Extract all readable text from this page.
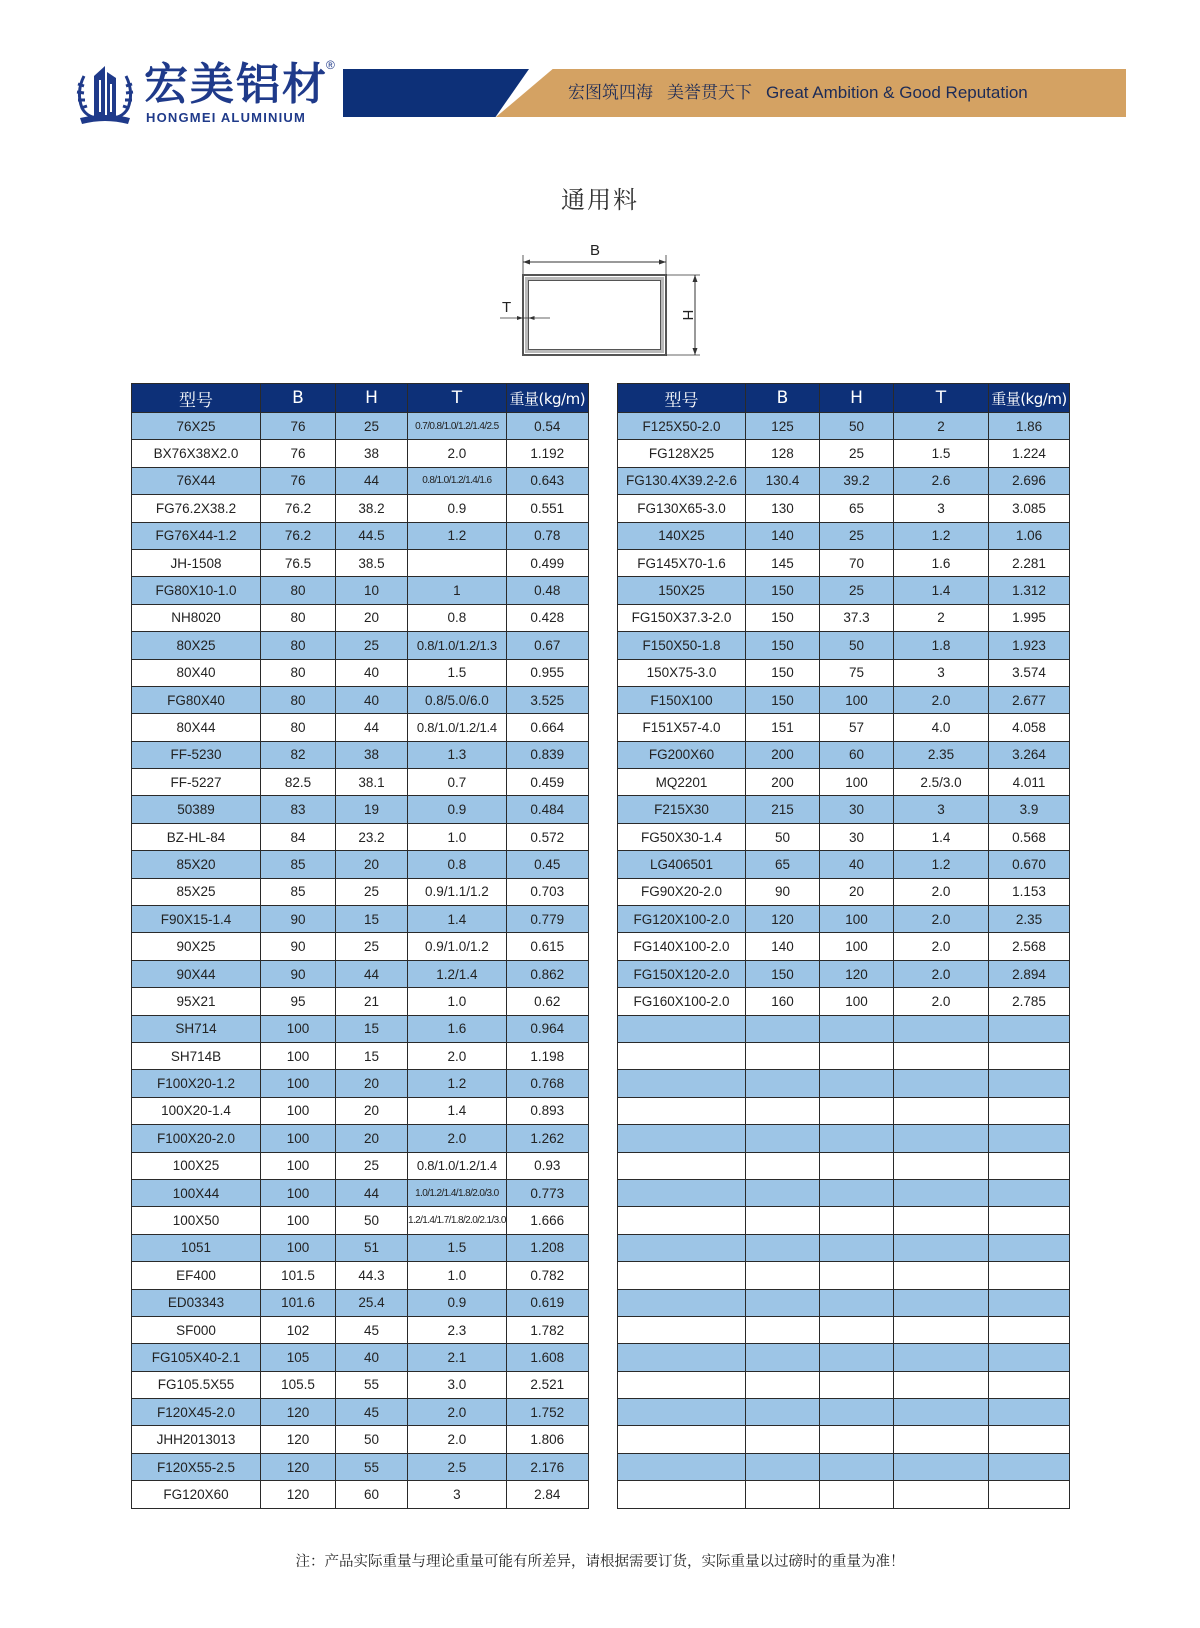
宏美铝材
®
HONGMEI ALUMINIUM
宏图筑四海 美誉贯天下 Great Ambition & Good Reputation
通用料
B
H
T
型号	B	H	T	重量(kg/m)
76X25	76	25	0.7/0.8/1.0/1.2/1.4/2.5	0.54
BX76X38X2.0	76	38	2.0	1.192
76X44	76	44	0.8/1.0/1.2/1.4/1.6	0.643
FG76.2X38.2	76.2	38.2	0.9	0.551
FG76X44-1.2	76.2	44.5	1.2	0.78
JH-1508	76.5	38.5		0.499
FG80X10-1.0	80	10	1	0.48
NH8020	80	20	0.8	0.428
80X25	80	25	0.8/1.0/1.2/1.3	0.67
80X40	80	40	1.5	0.955
FG80X40	80	40	0.8/5.0/6.0	3.525
80X44	80	44	0.8/1.0/1.2/1.4	0.664
FF-5230	82	38	1.3	0.839
FF-5227	82.5	38.1	0.7	0.459
50389	83	19	0.9	0.484
BZ-HL-84	84	23.2	1.0	0.572
85X20	85	20	0.8	0.45
85X25	85	25	0.9/1.1/1.2	0.703
F90X15-1.4	90	15	1.4	0.779
90X25	90	25	0.9/1.0/1.2	0.615
90X44	90	44	1.2/1.4	0.862
95X21	95	21	1.0	0.62
SH714	100	15	1.6	0.964
SH714B	100	15	2.0	1.198
F100X20-1.2	100	20	1.2	0.768
100X20-1.4	100	20	1.4	0.893
F100X20-2.0	100	20	2.0	1.262
100X25	100	25	0.8/1.0/1.2/1.4	0.93
100X44	100	44	1.0/1.2/1.4/1.8/2.0/3.0	0.773
100X50	100	50	1.2/1.4/1.7/1.8/2.0/2.1/3.0	1.666
1051	100	51	1.5	1.208
EF400	101.5	44.3	1.0	0.782
ED03343	101.6	25.4	0.9	0.619
SF000	102	45	2.3	1.782
FG105X40-2.1	105	40	2.1	1.608
FG105.5X55	105.5	55	3.0	2.521
F120X45-2.0	120	45	2.0	1.752
JHH2013013	120	50	2.0	1.806
F120X55-2.5	120	55	2.5	2.176
FG120X60	120	60	3	2.84
型号	B	H	T	重量(kg/m)
F125X50-2.0	125	50	2	1.86
FG128X25	128	25	1.5	1.224
FG130.4X39.2-2.6	130.4	39.2	2.6	2.696
FG130X65-3.0	130	65	3	3.085
140X25	140	25	1.2	1.06
FG145X70-1.6	145	70	1.6	2.281
150X25	150	25	1.4	1.312
FG150X37.3-2.0	150	37.3	2	1.995
F150X50-1.8	150	50	1.8	1.923
150X75-3.0	150	75	3	3.574
F150X100	150	100	2.0	2.677
F151X57-4.0	151	57	4.0	4.058
FG200X60	200	60	2.35	3.264
MQ2201	200	100	2.5/3.0	4.011
F215X30	215	30	3	3.9
FG50X30-1.4	50	30	1.4	0.568
LG406501	65	40	1.2	0.670
FG90X20-2.0	90	20	2.0	1.153
FG120X100-2.0	120	100	2.0	2.35
FG140X100-2.0	140	100	2.0	2.568
FG150X120-2.0	150	120	2.0	2.894
FG160X100-2.0	160	100	2.0	2.785

注：产品实际重量与理论重量可能有所差异，请根据需要订货，实际重量以过磅时的重量为准！
